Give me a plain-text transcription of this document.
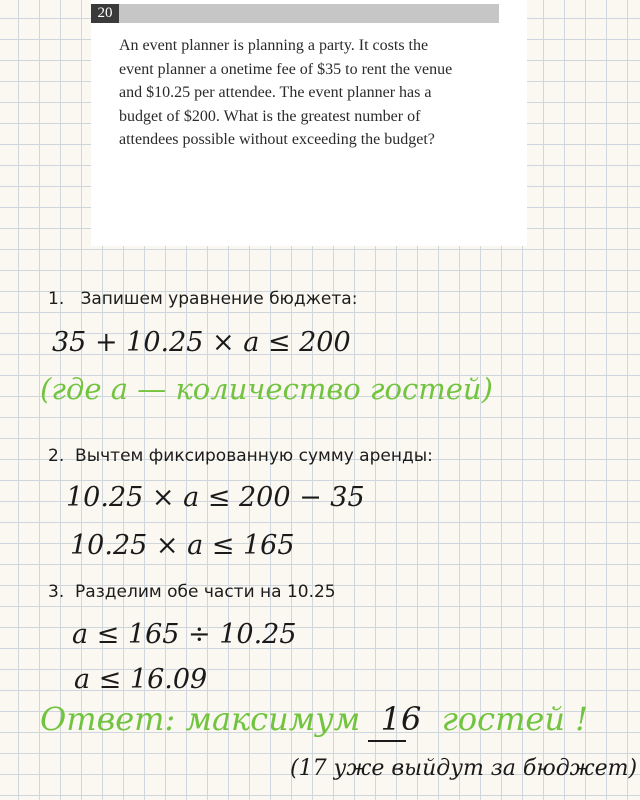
20
An event planner is planning a party. It costs the
event planner a onetime fee of $35 to rent the venue
and $10.25 per attendee. The event planner has a
budget of $200. What is the greatest number of
attendees possible without exceeding the budget?
1. Запишем уравнение бюджета:
35 + 10.25 × a ≤ 200
(где a — количество гостей)
2. Вычтем фиксированную сумму аренды:
10.25 × a ≤ 200 − 35
10.25 × a ≤ 165
3. Разделим обе части на 10.25
a ≤ 165 ÷ 10.25
a ≤ 16.09
Ответ: максимум 16 гостей !
(17 уже выйдут за бюджет)
